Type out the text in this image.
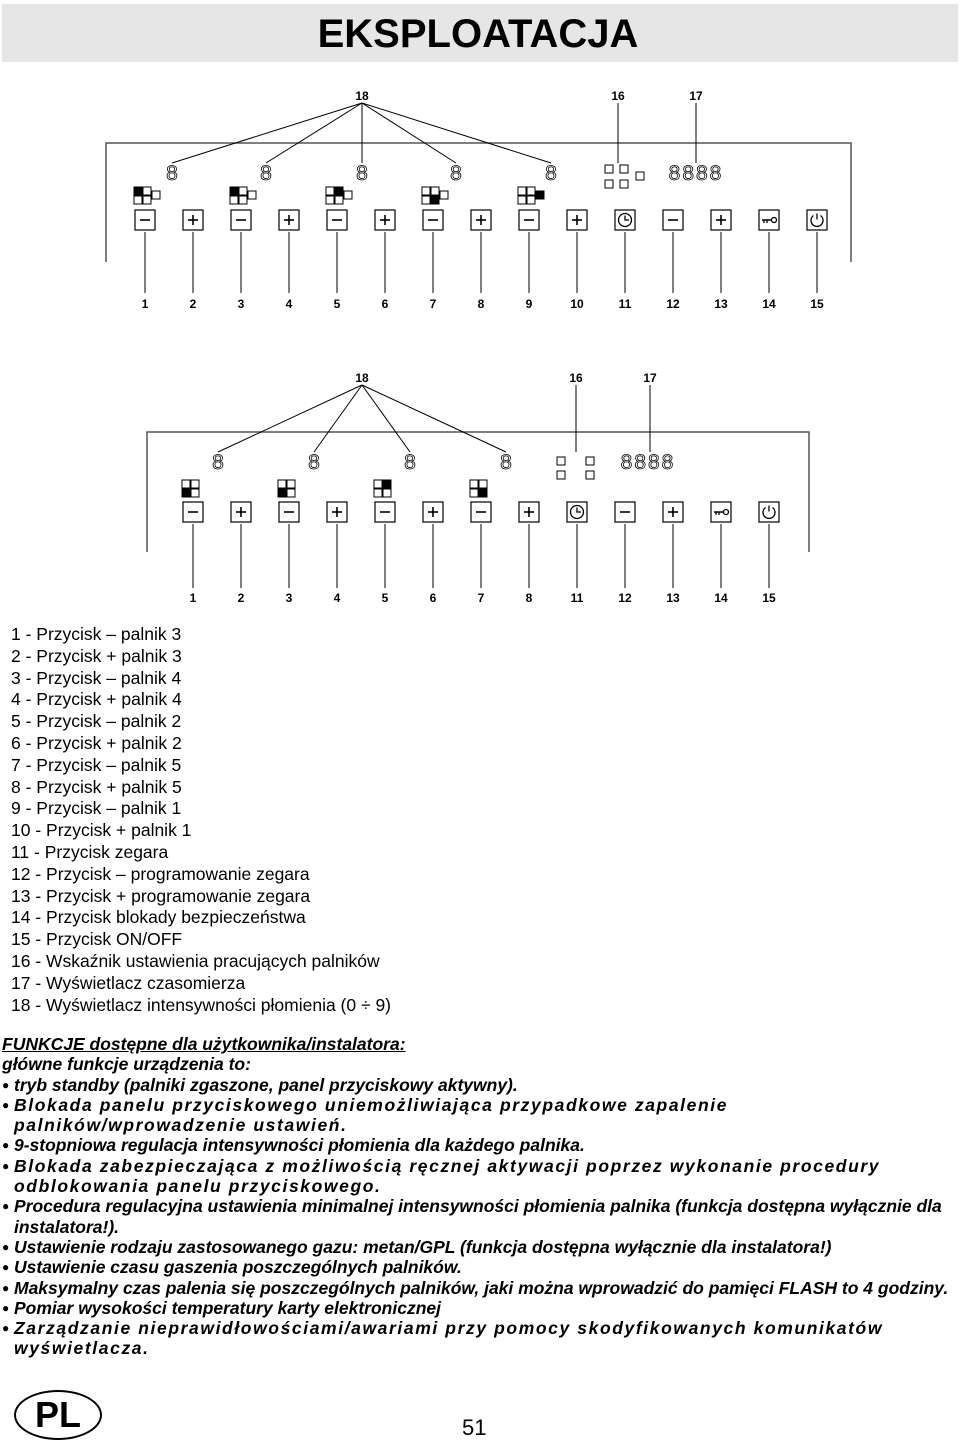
EKSPLOATACJA
18	16	17
8	8	8	8	8	8888
1	2	3	4	5	6	7	8	9	10	11	12	13	14	15
18	16	17
8	8	8	8	8888
1	2	3	4	5	6	7	8	11	12	13	14	15
1 - Przycisk – palnik 3
2 - Przycisk + palnik 3
3 - Przycisk – palnik 4
4 - Przycisk + palnik 4
5 - Przycisk – palnik 2
6 - Przycisk + palnik 2
7 - Przycisk – palnik 5
8 - Przycisk + palnik 5
9 - Przycisk – palnik 1
10 - Przycisk + palnik 1
11 - Przycisk zegara
12 - Przycisk – programowanie zegara
13 - Przycisk + programowanie zegara
14 - Przycisk blokady bezpieczeństwa
15 - Przycisk ON/OFF
16 - Wskaźnik ustawienia pracujących palników
17 - Wyświetlacz czasomierza
18 - Wyświetlacz intensywności płomienia (0 ÷ 9)
FUNKCJE dostępne dla użytkownika/instalatora:
główne funkcje urządzenia to:
● tryb standby (palniki zgaszone, panel przyciskowy aktywny).
● Blokada panelu przyciskowego uniemożliwiająca przypadkowe zapalenie palników/wprowadzenie ustawień.
● 9-stopniowa regulacja intensywności płomienia dla każdego palnika.
● Blokada zabezpieczająca z możliwością ręcznej aktywacji poprzez wykonanie procedury odblokowania panelu przyciskowego.
● Procedura regulacyjna ustawienia minimalnej intensywności płomienia palnika (funkcja dostępna wyłącznie dla instalatora!).
● Ustawienie rodzaju zastosowanego gazu: metan/GPL (funkcja dostępna wyłącznie dla instalatora!)
● Ustawienie czasu gaszenia poszczególnych palników.
● Maksymalny czas palenia się poszczególnych palników, jaki można wprowadzić do pamięci FLASH to 4 godziny.
● Pomiar wysokości temperatury karty elektronicznej
● Zarządzanie nieprawidłowościami/awariami przy pomocy skodyfikowanych komunikatów wyświetlacza.
PL	51
